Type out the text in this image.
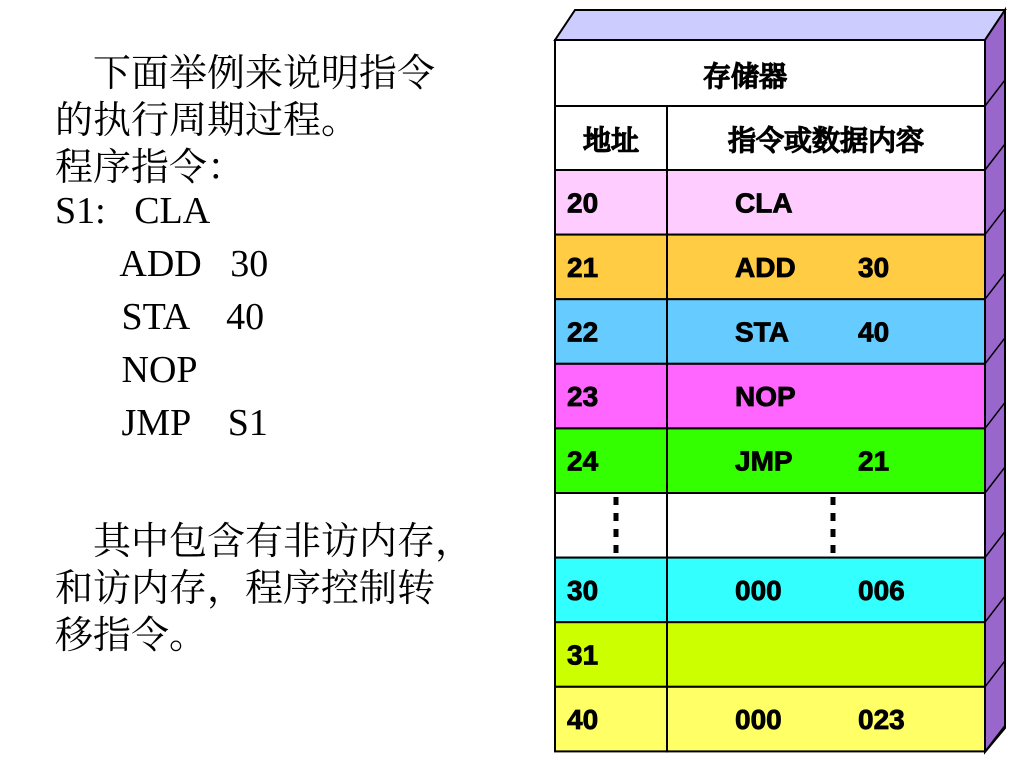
　下面举例来说明指令
的执行周期过程。
程序指令：
S1:   CLA
ADD   30
STA    40
NOP
JMP    S1
　其中包含有非访内存，
和访内存，程序控制转
移指令。
存储器
地址	指令或数据内容
20	CLA
21	ADD 30
22	STA 40
23	NOP
24	JMP 21
30	000	006
31
40	000	023
